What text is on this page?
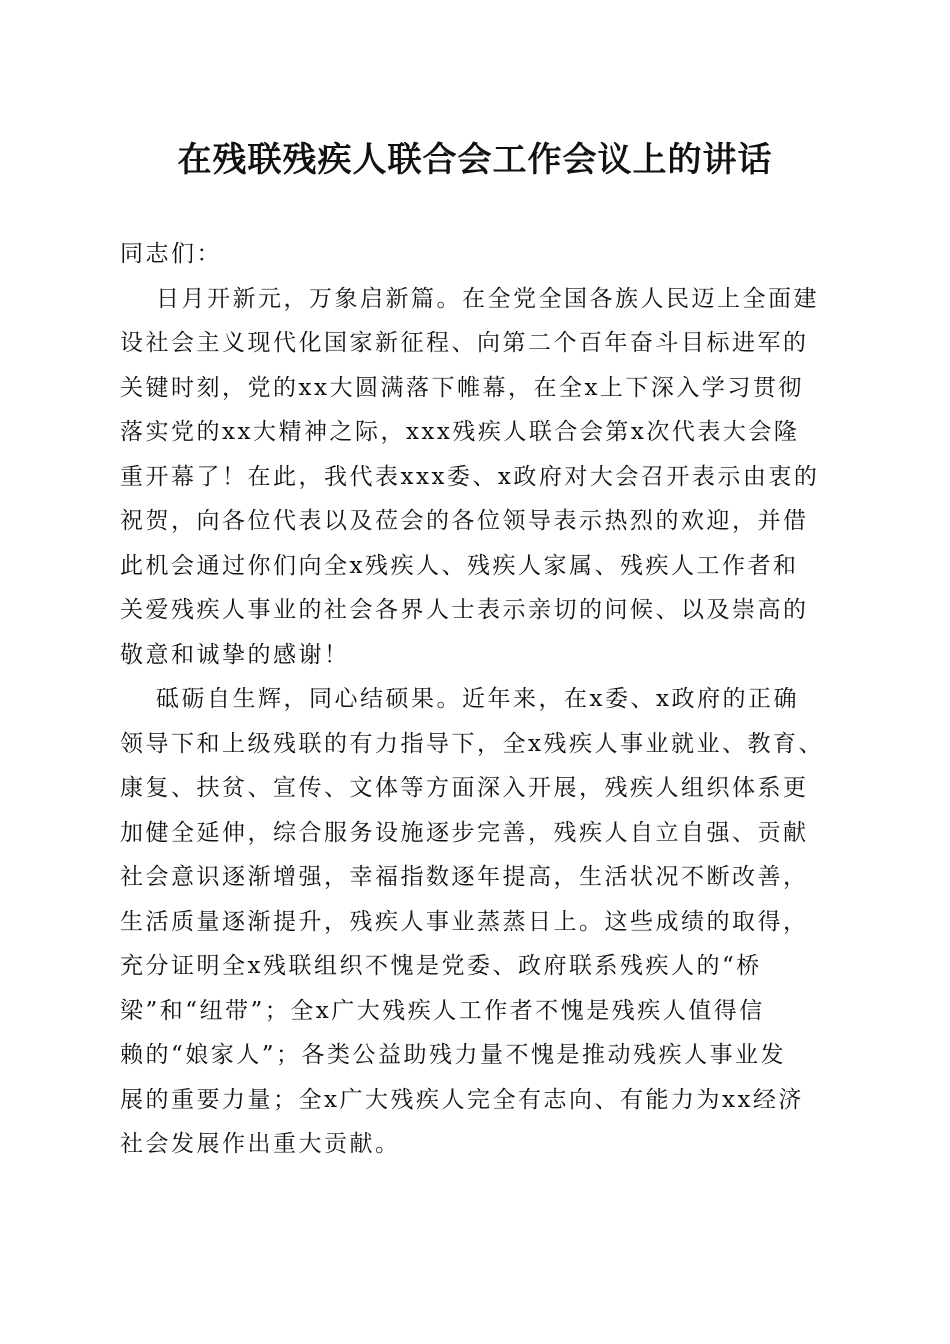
在残联残疾人联合会工作会议上的讲话
同志们：
日月开新元，万象启新篇。在全党全国各族人民迈上全面建
设社会主义现代化国家新征程、向第二个百年奋斗目标进军的
关键时刻，党的xx大圆满落下帷幕，在全x上下深入学习贯彻
落实党的xx大精神之际，xxx残疾人联合会第x次代表大会隆
重开幕了！在此，我代表xxx委、x政府对大会召开表示由衷的
祝贺，向各位代表以及莅会的各位领导表示热烈的欢迎，并借
此机会通过你们向全x残疾人、残疾人家属、残疾人工作者和
关爱残疾人事业的社会各界人士表示亲切的问候、以及崇高的
敬意和诚挚的感谢！
砥砺自生辉，同心结硕果。近年来，在x委、x政府的正确
领导下和上级残联的有力指导下，全x残疾人事业就业、教育、
康复、扶贫、宣传、文体等方面深入开展，残疾人组织体系更
加健全延伸，综合服务设施逐步完善，残疾人自立自强、贡献
社会意识逐渐增强，幸福指数逐年提高，生活状况不断改善，
生活质量逐渐提升，残疾人事业蒸蒸日上。这些成绩的取得，
充分证明全x残联组织不愧是党委、政府联系残疾人的“桥
梁”和“纽带”；全x广大残疾人工作者不愧是残疾人值得信
赖的“娘家人”；各类公益助残力量不愧是推动残疾人事业发
展的重要力量；全x广大残疾人完全有志向、有能力为xx经济
社会发展作出重大贡献。
